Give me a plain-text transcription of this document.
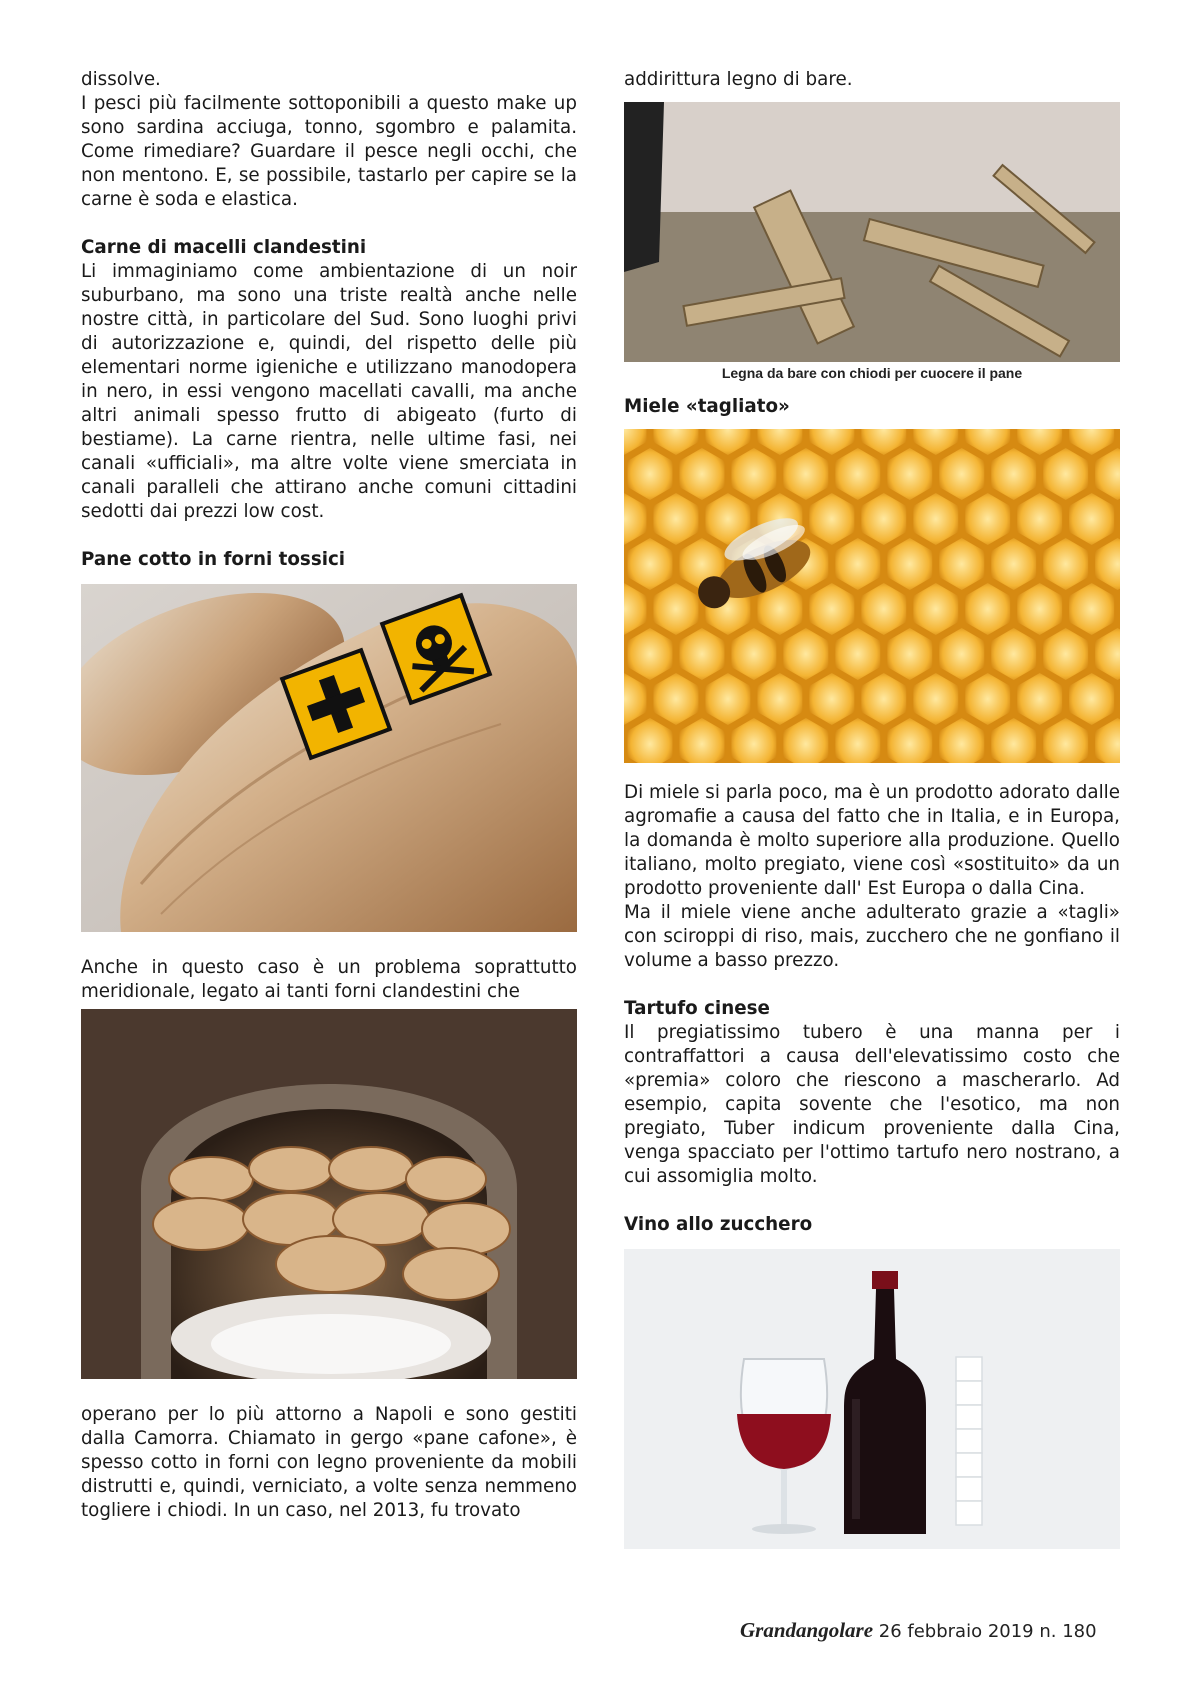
dissolve.

I pesci più facilmente sottoponibili a questo make up sono sardina acciuga, tonno, sgombro e palamita. Come rimediare? Guardare il pesce negli occhi, che non mentono. E, se possibile, tastarlo per capire se la carne è soda e elastica.

Carne di macelli clandestini

Li immaginiamo come ambientazione di un noir suburbano, ma sono una triste realtà anche nelle nostre città, in particolare del Sud. Sono luoghi privi di autorizzazione e, quindi, del rispetto delle più elementari norme igieniche e utilizzano manodopera in nero, in essi vengono macellati cavalli, ma anche altri animali spesso frutto di abigeato (furto di bestiame). La carne rientra, nelle ultime fasi, nei canali «ufficiali», ma altre volte viene smerciata in canali paralleli che attirano anche comuni cittadini sedotti dai prezzi low cost.

Pane cotto in forni tossici

Anche in questo caso è un problema soprattutto meridionale, legato ai tanti forni clandestini che

operano per lo più attorno a Napoli e sono gestiti dalla Camorra. Chiamato in gergo «pane cafone», è spesso cotto in forni con legno proveniente da mobili distrutti e, quindi, verniciato, a volte senza nemmeno togliere i chiodi. In un caso, nel 2013, fu trovato

addirittura legno di bare.

Legna da bare con chiodi per cuocere il pane
Miele «tagliato»

Di miele si parla poco, ma è un prodotto adorato dalle agromafie a causa del fatto che in Italia, e in Europa, la domanda è molto superiore alla produzione. Quello italiano, molto pregiato, viene così «sostituito» da un prodotto proveniente dall' Est Europa o dalla Cina.

Ma il miele viene anche adulterato grazie a «tagli» con sciroppi di riso, mais, zucchero che ne gonfiano il volume a basso prezzo.

Tartufo cinese

Il pregiatissimo tubero è una manna per i contraffattori a causa dell'elevatissimo costo che «premia» coloro che riescono a mascherarlo. Ad esempio, capita sovente che l'esotico, ma non pregiato, Tuber indicum proveniente dalla Cina, venga spacciato per l'ottimo tartufo nero nostrano, a cui assomiglia molto.

Vino allo zucchero
Grandangolare 26 febbraio 2019 n. 180
